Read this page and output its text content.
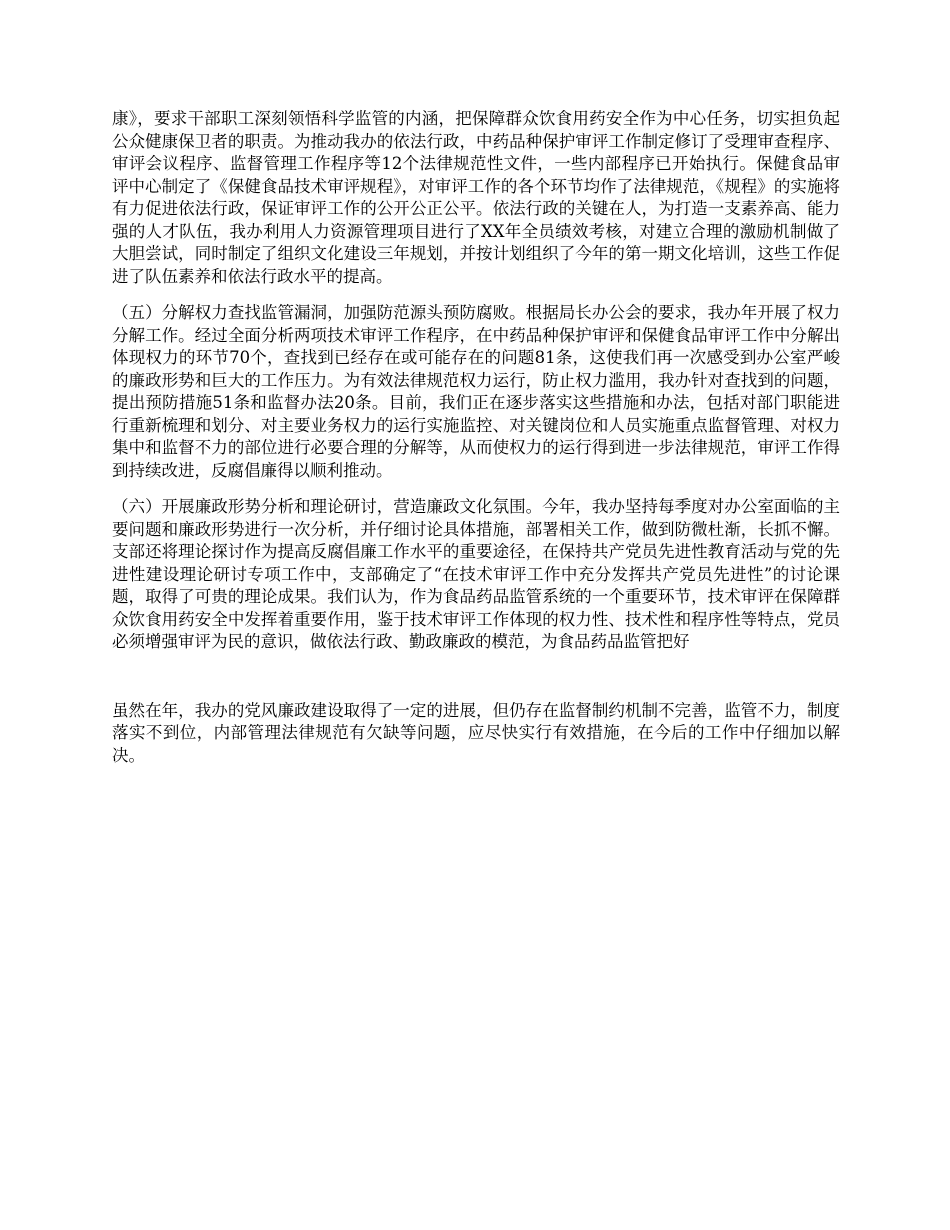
康》，要求干部职工深刻领悟科学监管的内涵，把保障群众饮食用药安全作为中心任务，切实担负起公众健康保卫者的职责。为推动我办的依法行政，中药品种保护审评工作制定修订了受理审查程序、审评会议程序、监督管理工作程序等12个法律规范性文件，一些内部程序已开始执行。保健食品审评中心制定了《保健食品技术审评规程》，对审评工作的各个环节均作了法律规范，《规程》的实施将有力促进依法行政，保证审评工作的公开公正公平。依法行政的关键在人，为打造一支素养高、能力强的人才队伍，我办利用人力资源管理项目进行了XX年全员绩效考核，对建立合理的激励机制做了大胆尝试，同时制定了组织文化建设三年规划，并按计划组织了今年的第一期文化培训，这些工作促进了队伍素养和依法行政水平的提高。

（五）分解权力查找监管漏洞，加强防范源头预防腐败。根据局长办公会的要求，我办年开展了权力分解工作。经过全面分析两项技术审评工作程序，在中药品种保护审评和保健食品审评工作中分解出体现权力的环节70个，查找到已经存在或可能存在的问题81条，这使我们再一次感受到办公室严峻的廉政形势和巨大的工作压力。为有效法律规范权力运行，防止权力滥用，我办针对查找到的问题，提出预防措施51条和监督办法20条。目前，我们正在逐步落实这些措施和办法，包括对部门职能进行重新梳理和划分、对主要业务权力的运行实施监控、对关键岗位和人员实施重点监督管理、对权力集中和监督不力的部位进行必要合理的分解等，从而使权力的运行得到进一步法律规范，审评工作得到持续改进，反腐倡廉得以顺利推动。

（六）开展廉政形势分析和理论研讨，营造廉政文化氛围。今年，我办坚持每季度对办公室面临的主要问题和廉政形势进行一次分析，并仔细讨论具体措施，部署相关工作，做到防微杜渐，长抓不懈。支部还将理论探讨作为提高反腐倡廉工作水平的重要途径，在保持共产党员先进性教育活动与党的先进性建设理论研讨专项工作中，支部确定了“在技术审评工作中充分发挥共产党员先进性”的讨论课题，取得了可贵的理论成果。我们认为，作为食品药品监管系统的一个重要环节，技术审评在保障群众饮食用药安全中发挥着重要作用，鉴于技术审评工作体现的权力性、技术性和程序性等特点，党员必须增强审评为民的意识，做依法行政、勤政廉政的模范，为食品药品监管把好

虽然在年，我办的党风廉政建设取得了一定的进展，但仍存在监督制约机制不完善，监管不力，制度落实不到位，内部管理法律规范有欠缺等问题，应尽快实行有效措施，在今后的工作中仔细加以解决。
